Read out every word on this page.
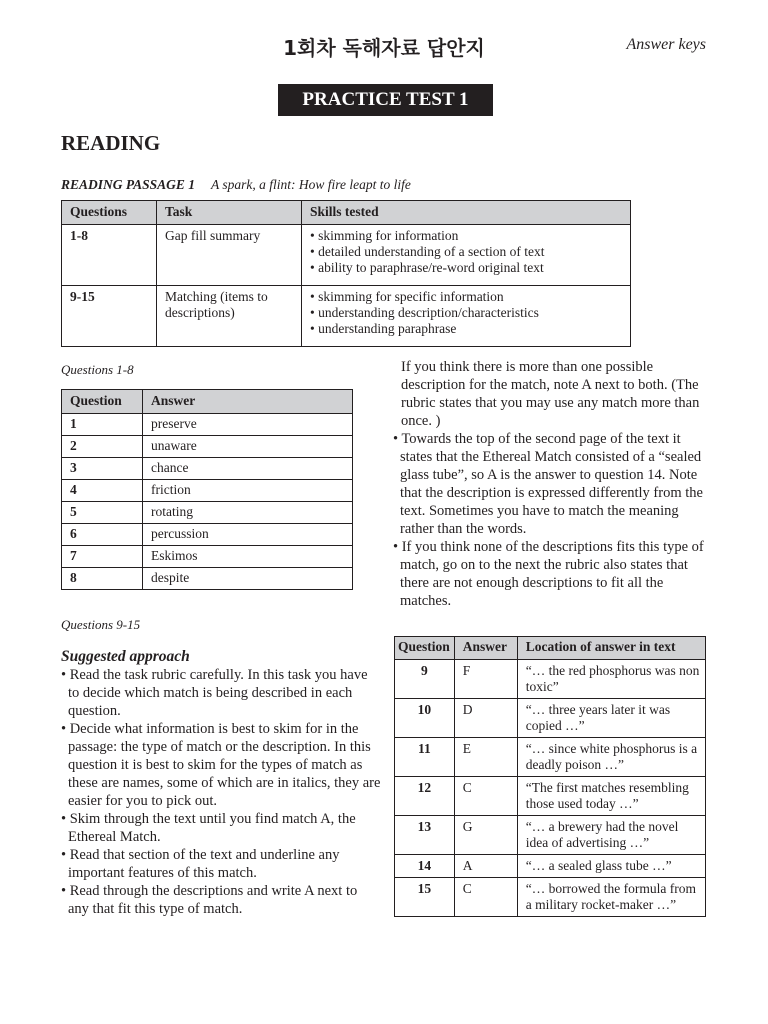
1회차 독해자료 답안지	Answer keys
PRACTICE TEST 1
READING
READING PASSAGE 1 A spark, a flint: How fire leapt to life
Questions	Task	Skills tested
1-8	Gap fill summary	• skimming for information
• detailed understanding of a section of text
• ability to paraphrase/re-word original text

9-15	Matching (items to descriptions)	• skimming for specific information
• understanding description/characteristics
• understanding paraphrase
Questions 1-8
Question	Answer
1	preserve
2	unaware
3	chance
4	friction
5	rotating
6	percussion
7	Eskimos
8	despite
Questions 9-15
Suggested approach
• Read the task rubric carefully. In this task you have to decide which match is being described in each question.
• Decide what information is best to skim for in the passage: the type of match or the description. In this question it is best to skim for the types of match as these are names, some of which are in italics, they are easier for you to pick out.
• Skim through the text until you find match A, the Ethereal Match.
• Read that section of the text and underline any important features of this match.
• Read through the descriptions and write A next to any that fit this type of match.
If you think there is more than one possible description for the match, note A next to both. (The rubric states that you may use any match more than once. )
• Towards the top of the second page of the text it states that the Ethereal Match consisted of a “sealed glass tube”, so A is the answer to question 14. Note that the description is expressed differently from the text. Sometimes you have to match the meaning rather than the words.
• If you think none of the descriptions fits this type of match, go on to the next the rubric also states that there are not enough descriptions to fit all the matches.
Question	Answer	Location of answer in text
9	F	“… the red phosphorus was non toxic”
10	D	“… three years later it was copied …”
11	E	“… since white phosphorus is a deadly poison …”
12	C	“The first matches resembling those used today …”
13	G	“… a brewery had the novel idea of advertising …”
14	A	“… a sealed glass tube …”
15	C	“… borrowed the formula from a military rocket-maker …”
